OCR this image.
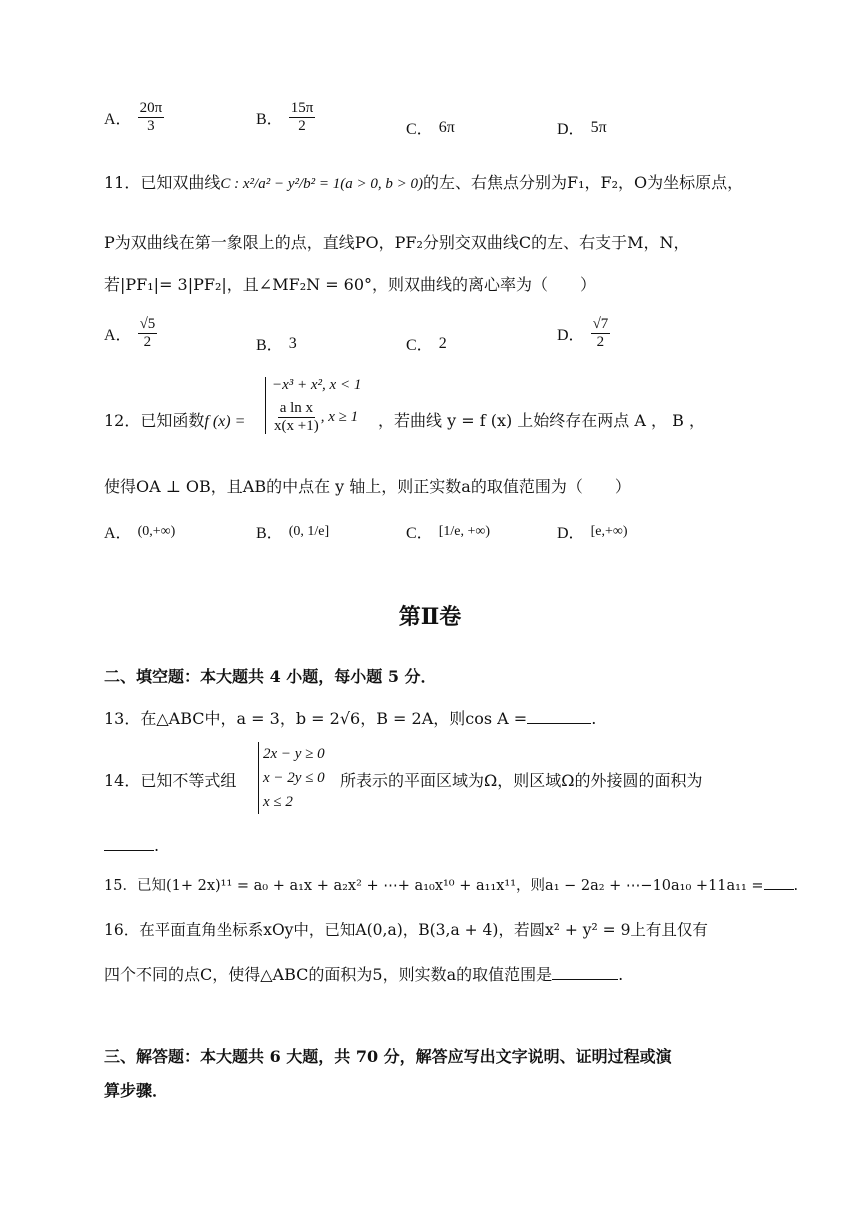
A． $\frac{20\pi}{3}$	B． $\frac{15\pi}{2}$	C． 6π	D． 5π
11．已知双曲线C : x²/a² − y²/b² = 1(a > 0, b > 0)的左、右焦点分别为F₁，F₂，O为坐标原点，
P为双曲线在第一象限上的点，直线PO，PF₂分别交双曲线C的左、右支于M，N，
若|PF₁|= 3|PF₂|，且∠MF₂N = 60°，则双曲线的离心率为（　　）
A． $\frac{√5}{2}$	B． 3	C． 2	D． $\frac{√7}{2}$
12．已知函数f (x) =
−x³ + x², x < 1
$\frac{\text{a ln x}}{x(x +1)}$ , x ≥ 1 ，若曲线 y = f (x) 上始终存在两点 A ， B ，
使得OA ⊥ OB，且AB的中点在 y 轴上，则正实数a的取值范围为（　　）
A． (0,+∞)	B． (0, 1/e]	C． [1/e, +∞)	D． [e,+∞)
第Ⅱ卷
二、填空题：本大题共 4 小题，每小题 5 分．
13．在△ABC中，a = 3，b = 2√6，B = 2A，则cos A =	.
2x − y ≥ 0
x − 2y ≤ 0
x ≤ 2
14．已知不等式组	所表示的平面区域为Ω，则区域Ω的外接圆的面积为
.
15．已知(1+ 2x)¹¹ = a₀ + a₁x + a₂x² + ⋯+ a₁₀x¹⁰ + a₁₁x¹¹，则a₁ − 2a₂ + ⋯−10a₁₀ +11a₁₁ = .
16．在平面直角坐标系xOy中，已知A(0,a)，B(3,a + 4)，若圆x² + y² = 9上有且仅有
四个不同的点C，使得△ABC的面积为5，则实数a的取值范围是	.
三、解答题：本大题共 6 大题，共 70 分，解答应写出文字说明、证明过程或演
算步骤．
